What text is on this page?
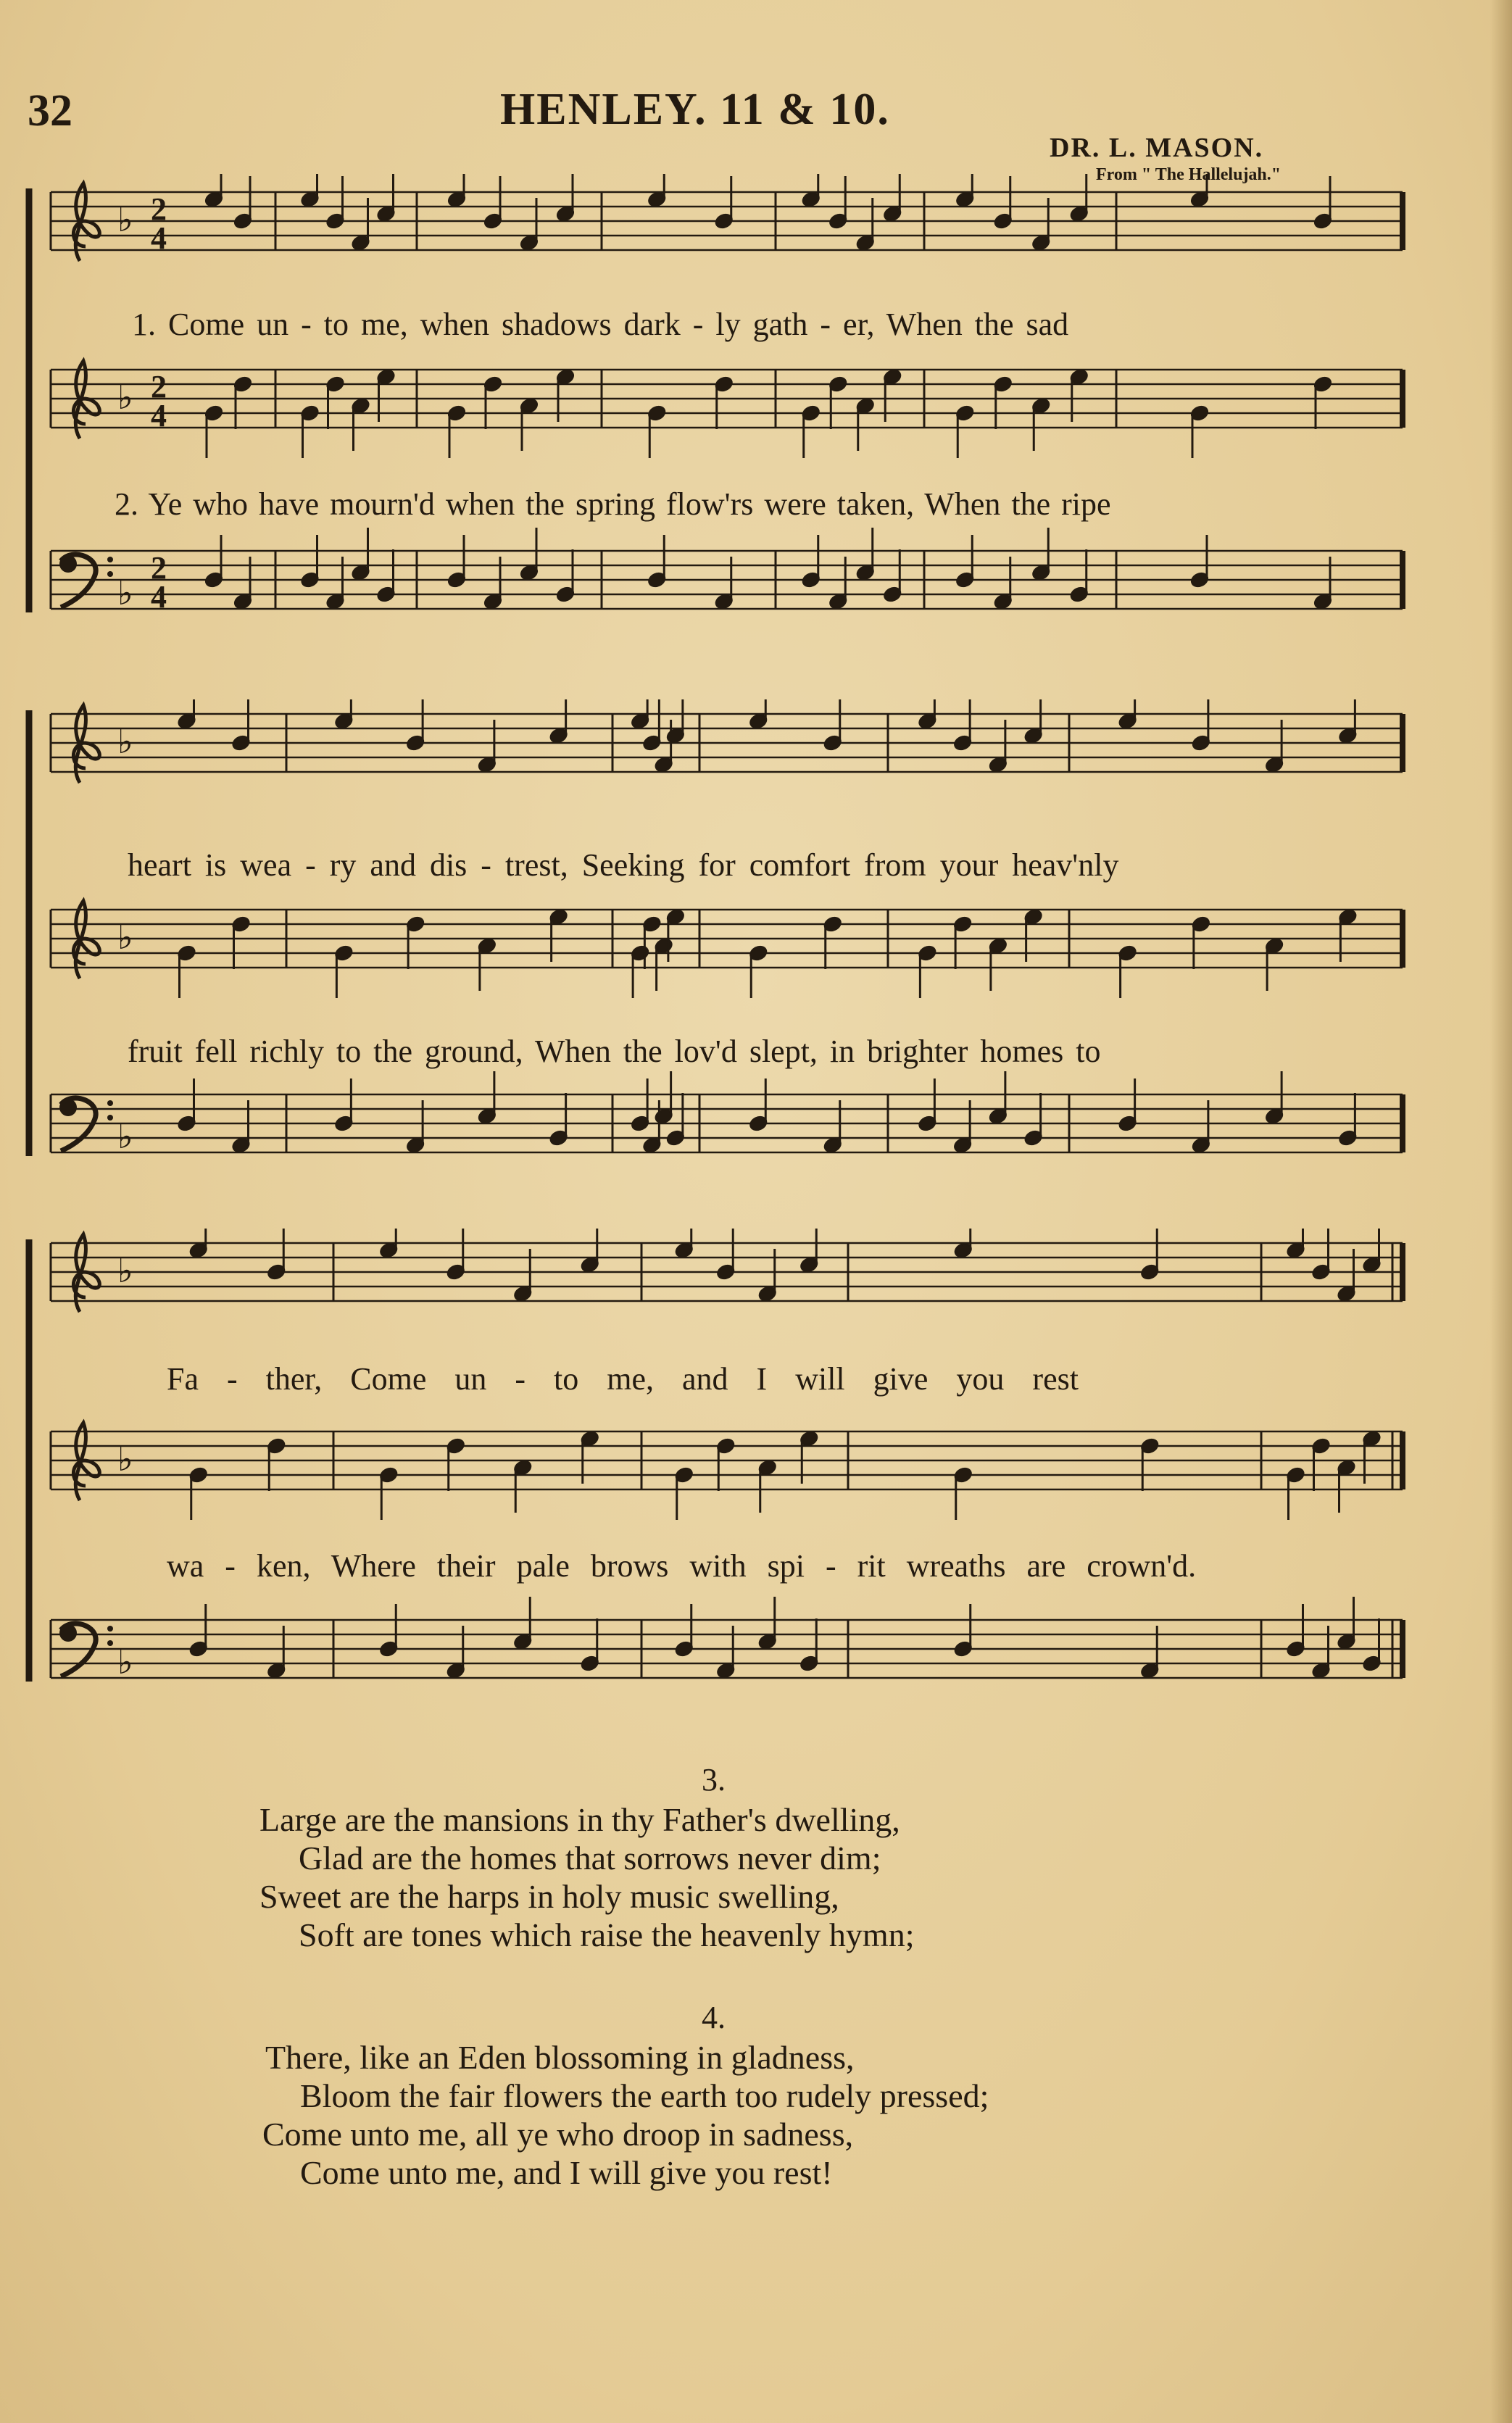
32	HENLEY. 11 & 10.
DR. L. MASON.
From " The Hallelujah."
♭ 2
4
♭ 2
4
♭
2
4
1. Come un - to me, when shadows dark - ly gath - er, When the sad
2. Ye who have mourn'd when the spring flow'rs were taken, When the ripe
♭
♭
♭
heart is wea - ry and dis - trest, Seeking for comfort from your heav'nly
fruit fell richly to the ground, When the lov'd slept, in brighter homes to
♭
♭
♭
Fa - ther, Come un - to me, and I will give you rest
wa - ken, Where their pale brows with spi - rit wreaths are crown'd.
3.
Large are the mansions in thy Father's dwelling,
Glad are the homes that sorrows never dim;
Sweet are the harps in holy music swelling,
Soft are tones which raise the heavenly hymn;
4.
There, like an Eden blossoming in gladness,
Bloom the fair flowers the earth too rudely pressed;
Come unto me, all ye who droop in sadness,
Come unto me, and I will give you rest!
